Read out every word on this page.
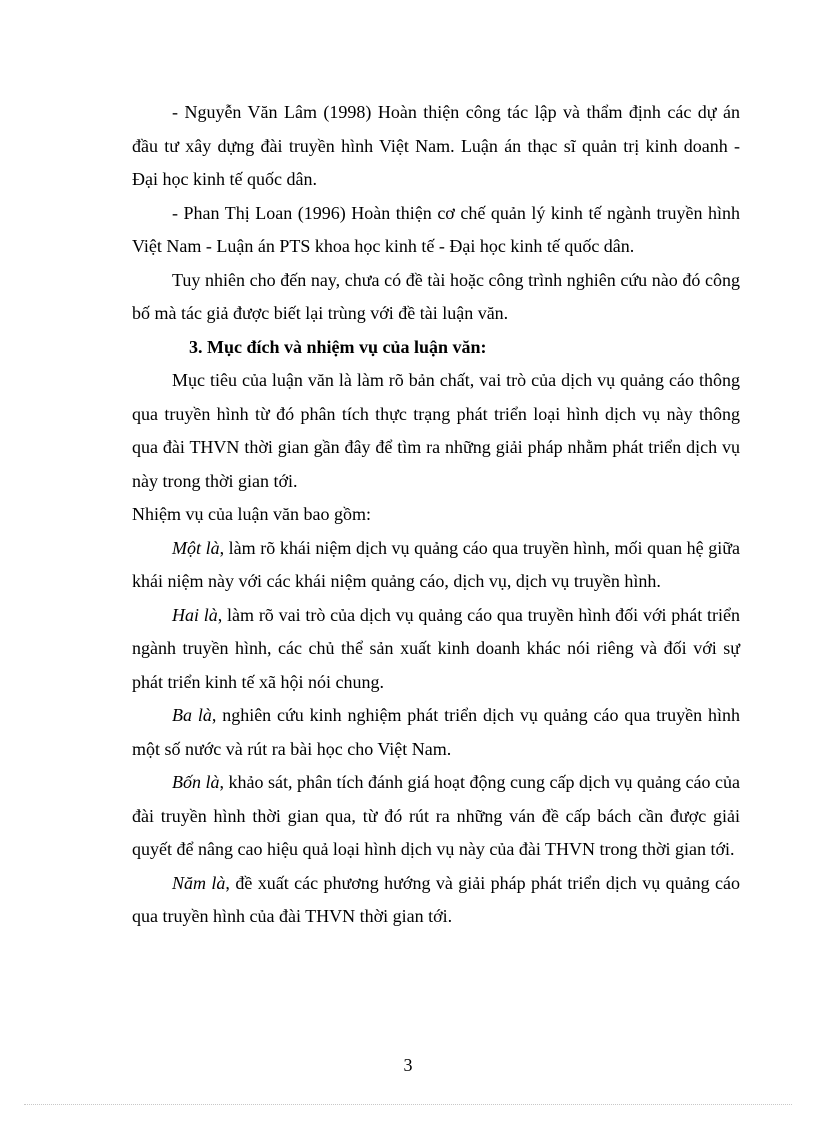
- Nguyễn Văn Lâm (1998) Hoàn thiện công tác lập và thẩm định các dự án đầu tư xây dựng đài truyền hình Việt Nam. Luận án thạc sĩ quản trị kinh doanh - Đại học kinh tế quốc dân.

- Phan Thị Loan (1996) Hoàn thiện cơ chế quản lý kinh tế ngành truyền hình Việt Nam - Luận án PTS khoa học kinh tế - Đại học kinh tế quốc dân.

Tuy nhiên cho đến nay, chưa có đề tài hoặc công trình nghiên cứu nào đó công bố mà tác giả được biết lại trùng với đề tài luận văn.

3. Mục đích và nhiệm vụ của luận văn:

Mục tiêu của luận văn là làm rõ bản chất, vai trò của dịch vụ quảng cáo thông qua truyền hình từ đó phân tích thực trạng phát triển loại hình dịch vụ này thông qua đài THVN thời gian gần đây để tìm ra những giải pháp nhằm phát triển dịch vụ này trong thời gian tới.

Nhiệm vụ của luận văn bao gồm:

Một là, làm rõ khái niệm dịch vụ quảng cáo qua truyền hình, mối quan hệ giữa khái niệm này với các khái niệm quảng cáo, dịch vụ, dịch vụ truyền hình.

Hai là, làm rõ vai trò của dịch vụ quảng cáo qua truyền hình đối với phát triển ngành truyền hình, các chủ thể sản xuất kinh doanh khác nói riêng và đối với sự phát triển kinh tế xã hội nói chung.

Ba là, nghiên cứu kinh nghiệm phát triển dịch vụ quảng cáo qua truyền hình một số nước và rút ra bài học cho Việt Nam.

Bốn là, khảo sát, phân tích đánh giá hoạt động cung cấp dịch vụ quảng cáo của đài truyền hình thời gian qua, từ đó rút ra những ván đề cấp bách cần được giải quyết để nâng cao hiệu quả loại hình dịch vụ này của đài THVN trong thời gian tới.

Năm là, đề xuất các phương hướng và giải pháp phát triển dịch vụ quảng cáo qua truyền hình của đài THVN thời gian tới.

3
